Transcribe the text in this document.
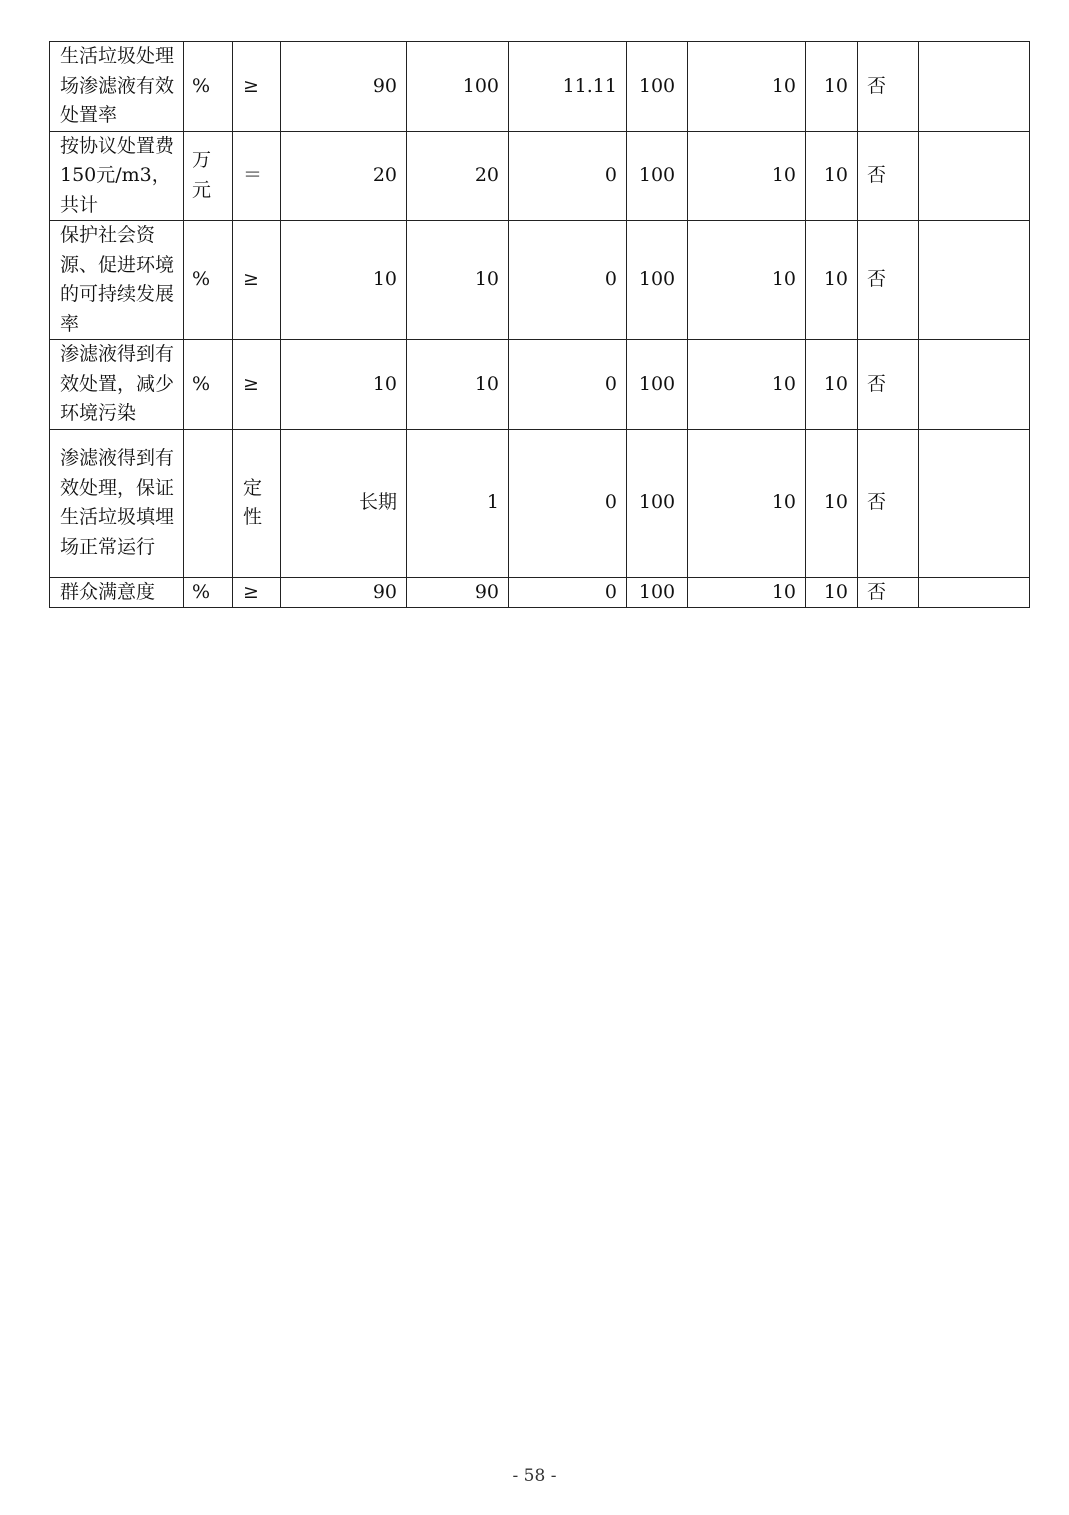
生活垃圾处理场渗滤液有效处置率	%	≥	90	100	11.11	100	10	10	否	
按协议处置费150元/m3，共计	万元	＝	20	20	0	100	10	10	否	
保护社会资源、促进环境的可持续发展率	%	≥	10	10	0	100	10	10	否	
渗滤液得到有效处置，减少环境污染	%	≥	10	10	0	100	10	10	否	
渗滤液得到有效处理，保证生活垃圾填埋场正常运行		定性	长期	1	0	100	10	10	否	
群众满意度	%	≥	90	90	0	100	10	10	否	
- 58 -
